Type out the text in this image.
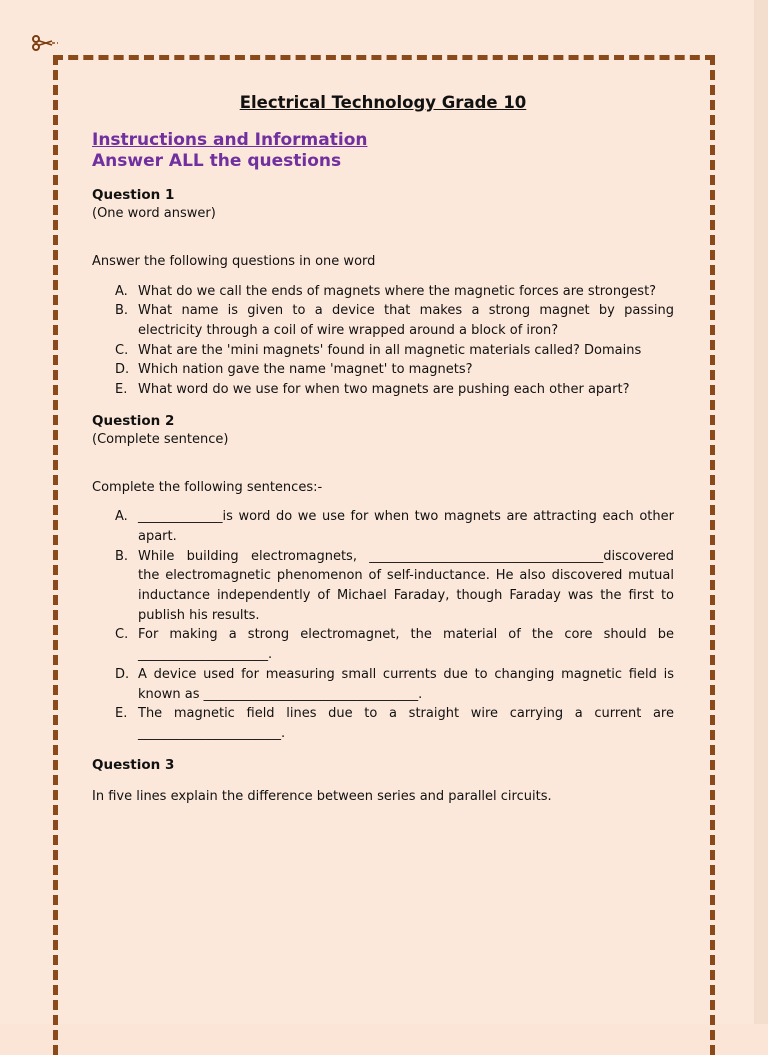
Electrical Technology Grade 10

Instructions and Information

Answer ALL the questions

Question 1

(One word answer)

Answer the following questions in one word

A. What do we call the ends of magnets where the magnetic forces are strongest?
B. What name is given to a device that makes a strong magnet by passing electricity through a coil of wire wrapped around a block of iron?
C. What are the 'mini magnets' found in all magnetic materials called? Domains
D. Which nation gave the name 'magnet' to magnets?
E. What word do we use for when two magnets are pushing each other apart?

Question 2

(Complete sentence)

Complete the following sentences:-

A. _____________is word do we use for when two magnets are attracting each other apart.
B. While building electromagnets, ____________________________________discovered the electromagnetic phenomenon of self-inductance. He also discovered mutual inductance independently of Michael Faraday, though Faraday was the first to publish his results.
C. For making a strong electromagnet, the material of the core should be ____________________.
D. A device used for measuring small currents due to changing magnetic field is known as _________________________________.
E. The magnetic field lines due to a straight wire carrying a current are ______________________.

Question 3

In five lines explain the difference between series and parallel circuits.
